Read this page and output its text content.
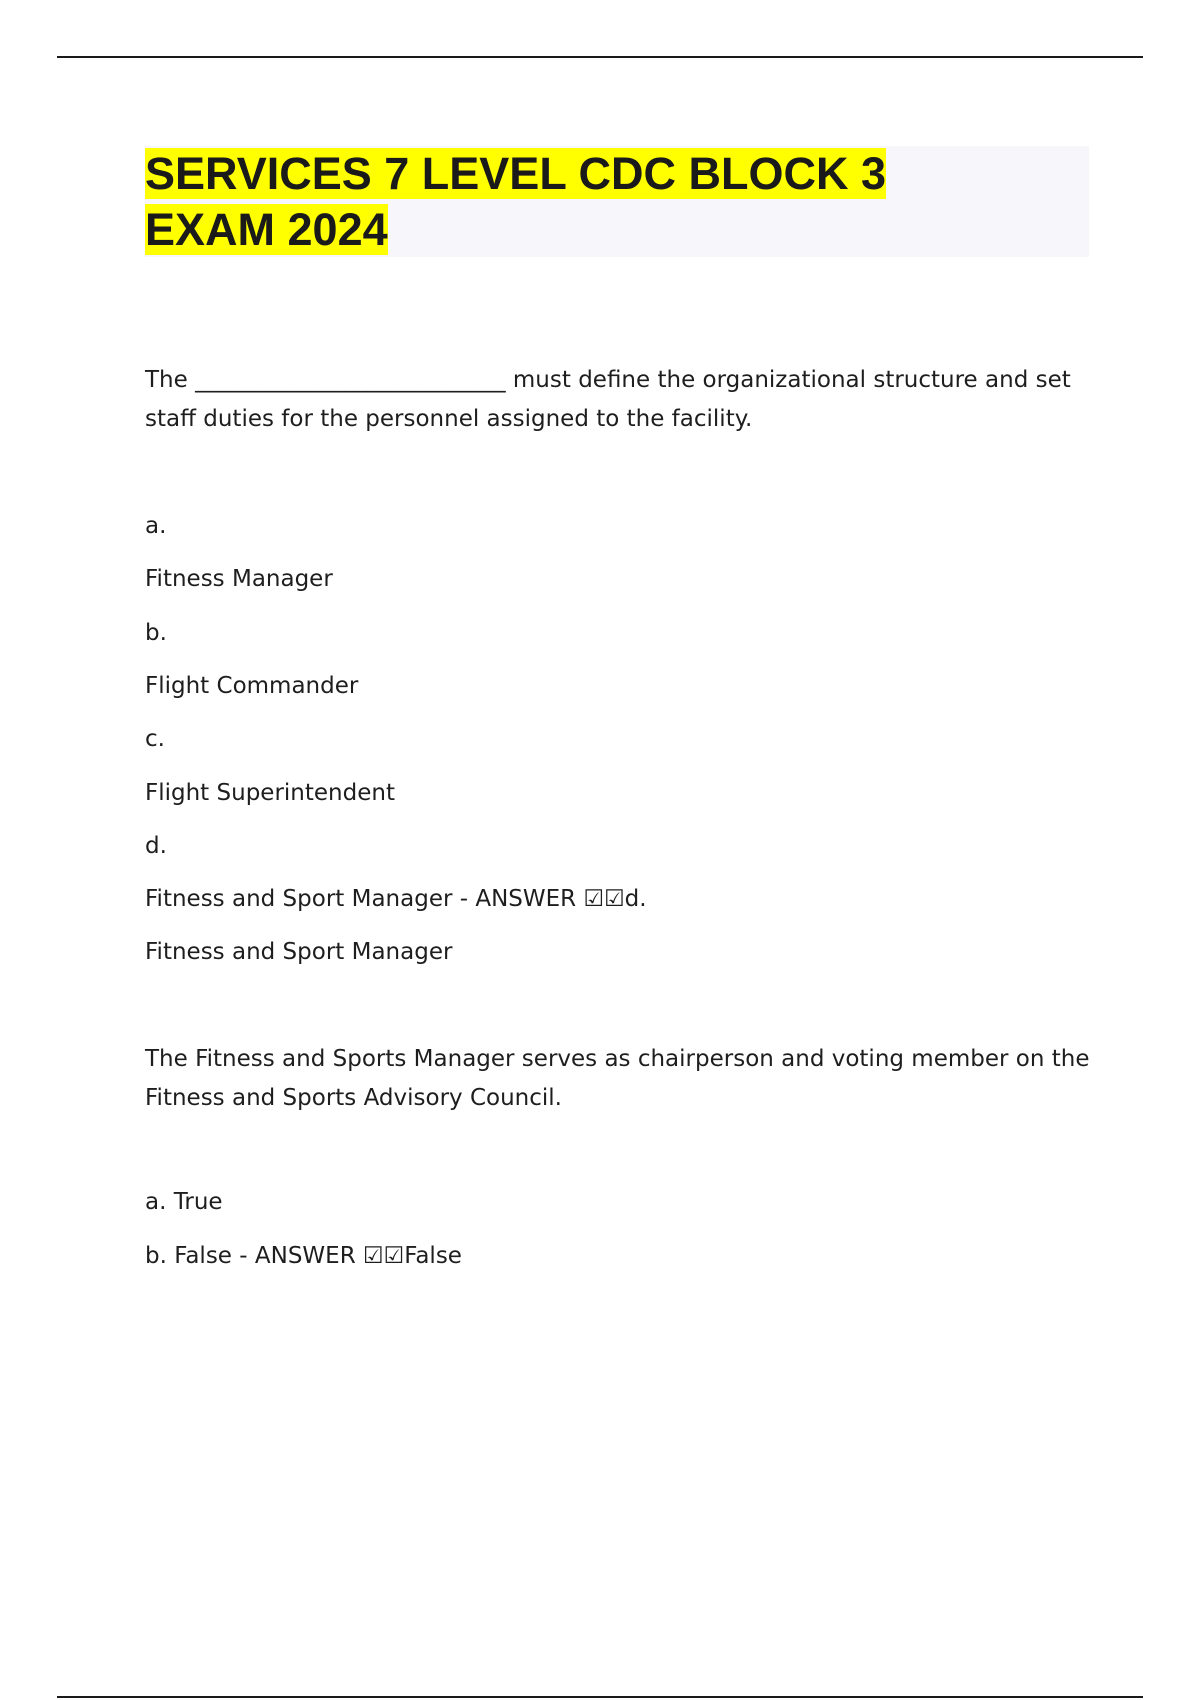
SERVICES 7 LEVEL CDC BLOCK 3
EXAM 2024

The ___________________________ must define the organizational structure and set staff duties for the personnel assigned to the facility.

a.

Fitness Manager

b.

Flight Commander

c.

Flight Superintendent

d.

Fitness and Sport Manager - ANSWER ☑☑d.

Fitness and Sport Manager

The Fitness and Sports Manager serves as chairperson and voting member on the Fitness and Sports Advisory Council.

a. True

b. False - ANSWER ☑☑False
